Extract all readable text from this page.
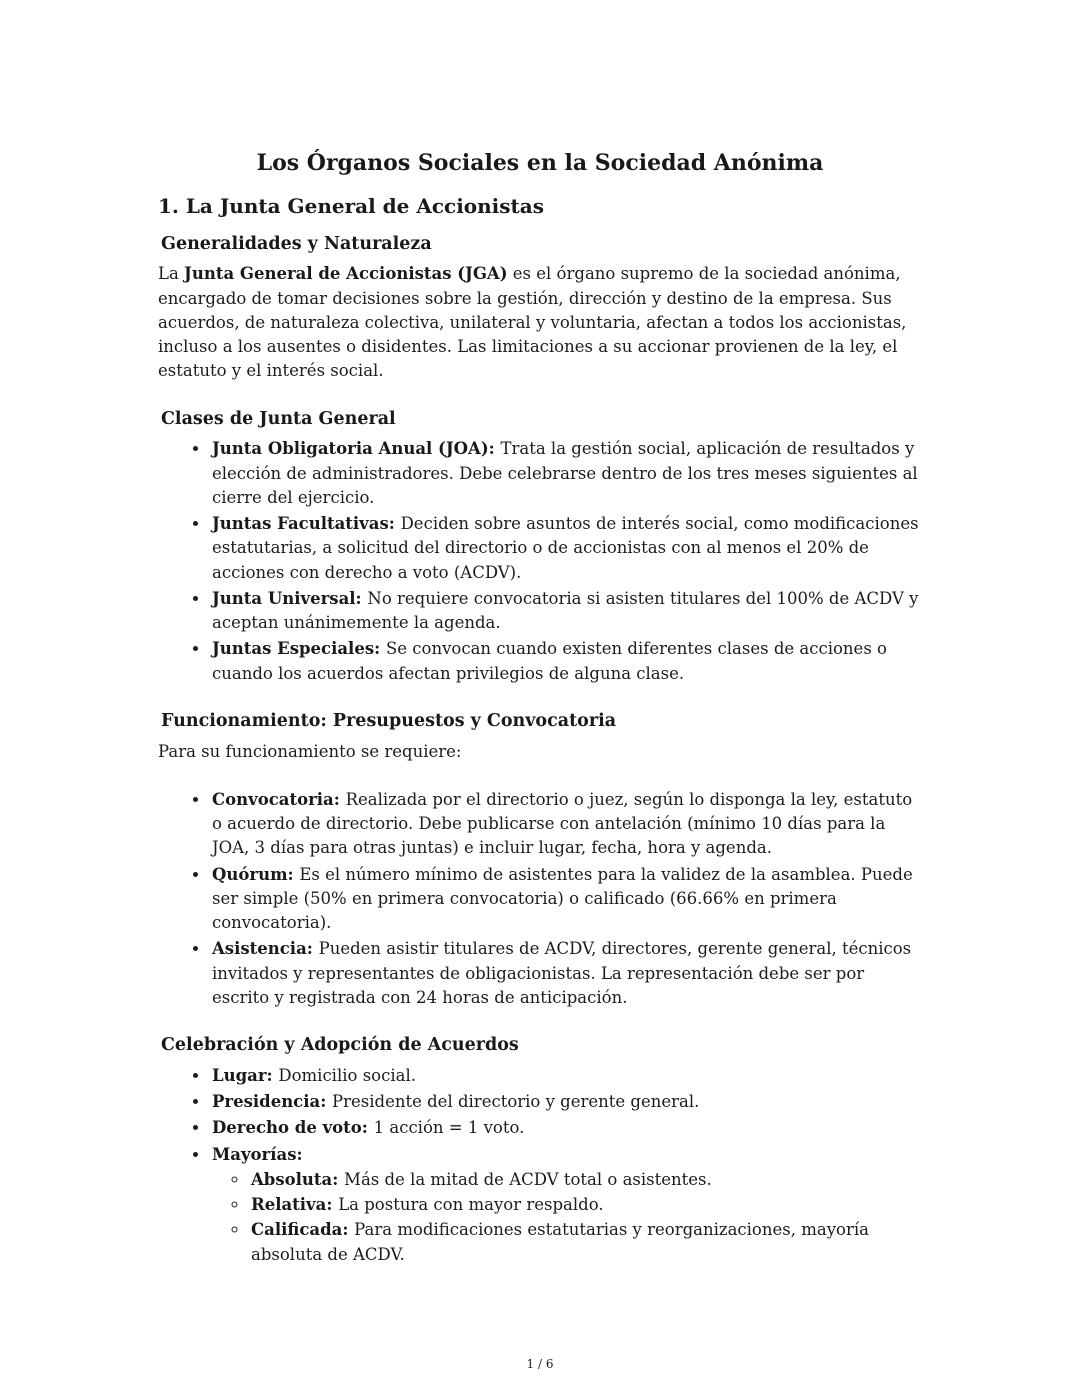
Los Órganos Sociales en la Sociedad Anónima
1. La Junta General de Accionistas
Generalidades y Naturaleza

La Junta General de Accionistas (JGA) es el órgano supremo de la sociedad anónima, encargado de tomar decisiones sobre la gestión, dirección y destino de la empresa. Sus acuerdos, de naturaleza colectiva, unilateral y voluntaria, afectan a todos los accionistas, incluso a los ausentes o disidentes. Las limitaciones a su accionar provienen de la ley, el estatuto y el interés social.

Clases de Junta General
• Junta Obligatoria Anual (JOA): Trata la gestión social, aplicación de resultados y elección de administradores. Debe celebrarse dentro de los tres meses siguientes al cierre del ejercicio.
• Juntas Facultativas: Deciden sobre asuntos de interés social, como modificaciones estatutarias, a solicitud del directorio o de accionistas con al menos el 20% de acciones con derecho a voto (ACDV).
• Junta Universal: No requiere convocatoria si asisten titulares del 100% de ACDV y aceptan unánimemente la agenda.
• Juntas Especiales: Se convocan cuando existen diferentes clases de acciones o cuando los acuerdos afectan privilegios de alguna clase.
Funcionamiento: Presupuestos y Convocatoria

Para su funcionamiento se requiere:

• Convocatoria: Realizada por el directorio o juez, según lo disponga la ley, estatuto o acuerdo de directorio. Debe publicarse con antelación (mínimo 10 días para la JOA, 3 días para otras juntas) e incluir lugar, fecha, hora y agenda.
• Quórum: Es el número mínimo de asistentes para la validez de la asamblea. Puede ser simple (50% en primera convocatoria) o calificado (66.66% en primera convocatoria).
• Asistencia: Pueden asistir titulares de ACDV, directores, gerente general, técnicos invitados y representantes de obligacionistas. La representación debe ser por escrito y registrada con 24 horas de anticipación.
Celebración y Adopción de Acuerdos
• Lugar: Domicilio social.
• Presidencia: Presidente del directorio y gerente general.
• Derecho de voto: 1 acción = 1 voto.
• Mayorías:
◦ Absoluta: Más de la mitad de ACDV total o asistentes.
◦ Relativa: La postura con mayor respaldo.
◦ Calificada: Para modificaciones estatutarias y reorganizaciones, mayoría absoluta de ACDV.
1 / 6
